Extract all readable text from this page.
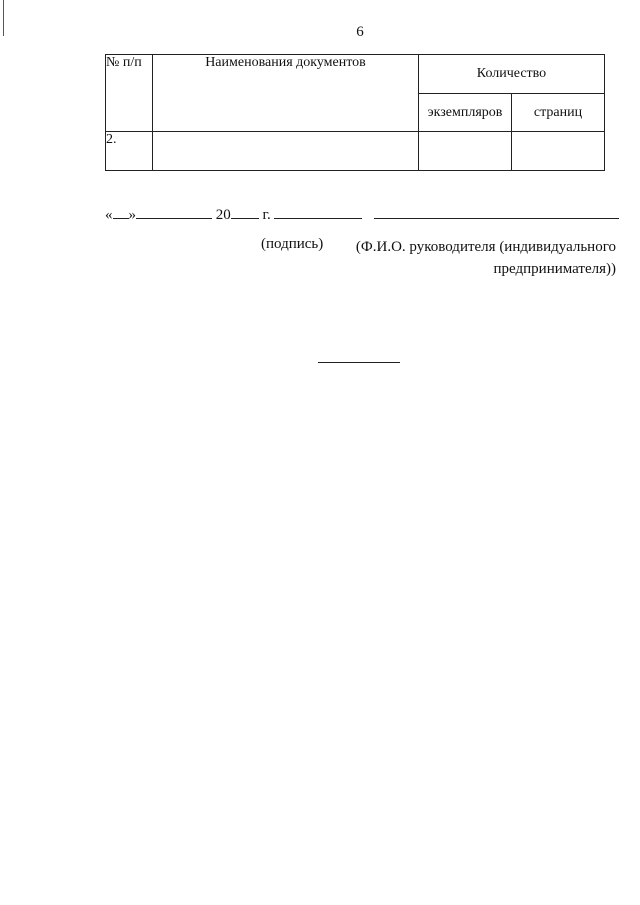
6
№ п/п	Наименования документов	Количество	
		экземпляров	страниц
2.			
« »	20 г.
(подпись)	(Ф.И.О. руководителя (индивидуального предпринимателя))
